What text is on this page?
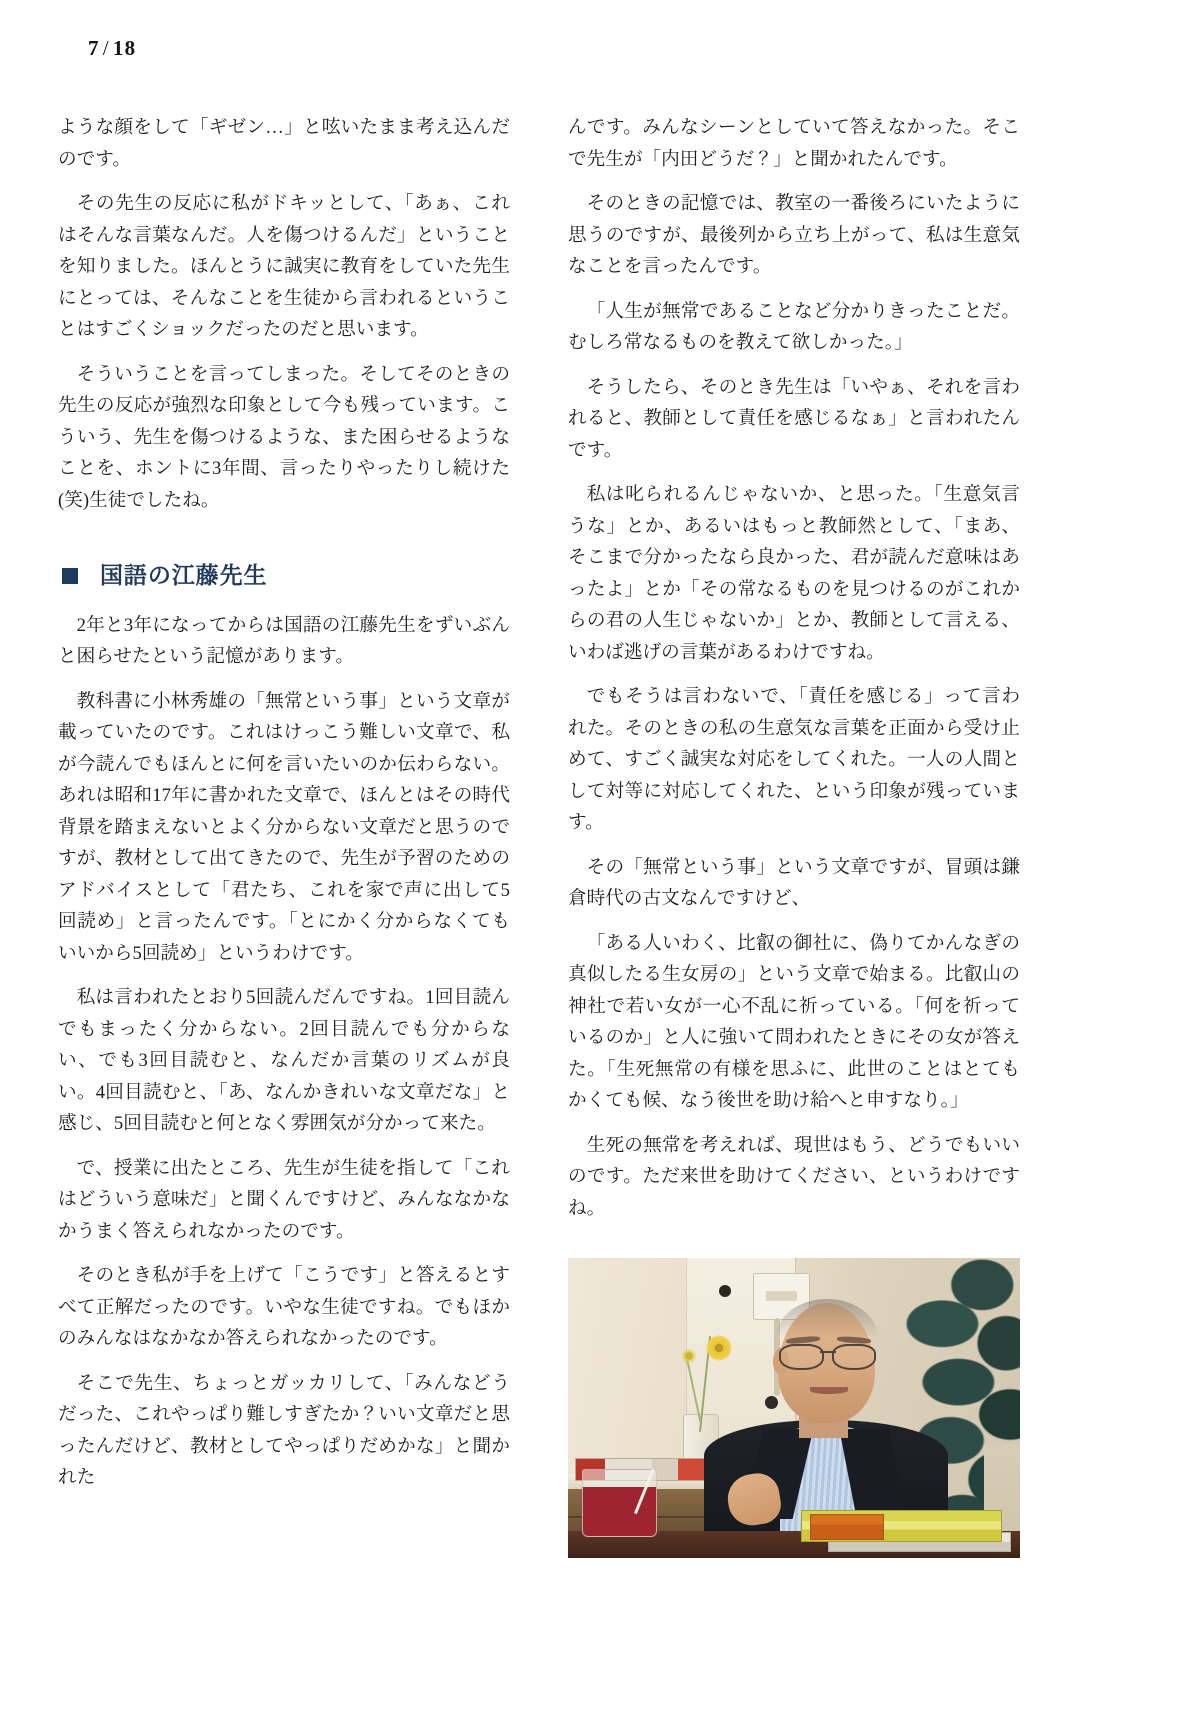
7 / 18

ような顔をして「ギゼン…」と呟いたまま考え込んだのです。

その先生の反応に私がドキッとして、「あぁ、これはそんな言葉なんだ。人を傷つけるんだ」ということを知りました。ほんとうに誠実に教育をしていた先生にとっては、そんなことを生徒から言われるということはすごくショックだったのだと思います。

そういうことを言ってしまった。そしてそのときの先生の反応が強烈な印象として今も残っています。こういう、先生を傷つけるような、また困らせるようなことを、ホントに3年間、言ったりやったりし続けた(笑)生徒でしたね。

国語の江藤先生

2年と3年になってからは国語の江藤先生をずいぶんと困らせたという記憶があります。

教科書に小林秀雄の「無常という事」という文章が載っていたのです。これはけっこう難しい文章で、私が今読んでもほんとに何を言いたいのか伝わらない。あれは昭和17年に書かれた文章で、ほんとはその時代背景を踏まえないとよく分からない文章だと思うのですが、教材として出てきたので、先生が予習のためのアドバイスとして「君たち、これを家で声に出して5回読め」と言ったんです。「とにかく分からなくてもいいから5回読め」というわけです。

私は言われたとおり5回読んだんですね。1回目読んでもまったく分からない。2回目読んでも分からない、でも3回目読むと、なんだか言葉のリズムが良い。4回目読むと、「あ、なんかきれいな文章だな」と感じ、5回目読むと何となく雰囲気が分かって来た。

で、授業に出たところ、先生が生徒を指して「これはどういう意味だ」と聞くんですけど、みんななかなかうまく答えられなかったのです。

そのとき私が手を上げて「こうです」と答えるとすべて正解だったのです。いやな生徒ですね。でもほかのみんなはなかなか答えられなかったのです。

そこで先生、ちょっとガッカリして、「みんなどうだった、これやっぱり難しすぎたか？いい文章だと思ったんだけど、教材としてやっぱりだめかな」と聞かれた

んです。みんなシーンとしていて答えなかった。そこで先生が「内田どうだ？」と聞かれたんです。

そのときの記憶では、教室の一番後ろにいたように思うのですが、最後列から立ち上がって、私は生意気なことを言ったんです。

「人生が無常であることなど分かりきったことだ。むしろ常なるものを教えて欲しかった。」

そうしたら、そのとき先生は「いやぁ、それを言われると、教師として責任を感じるなぁ」と言われたんです。

私は叱られるんじゃないか、と思った。「生意気言うな」とか、あるいはもっと教師然として、「まあ、そこまで分かったなら良かった、君が読んだ意味はあったよ」とか「その常なるものを見つけるのがこれからの君の人生じゃないか」とか、教師として言える、いわば逃げの言葉があるわけですね。

でもそうは言わないで、「責任を感じる」って言われた。そのときの私の生意気な言葉を正面から受け止めて、すごく誠実な対応をしてくれた。一人の人間として対等に対応してくれた、という印象が残っています。

その「無常という事」という文章ですが、冒頭は鎌倉時代の古文なんですけど、

「ある人いわく、比叡の御社に、偽りてかんなぎの真似したる生女房の」という文章で始まる。比叡山の神社で若い女が一心不乱に祈っている。「何を祈っているのか」と人に強いて問われたときにその女が答えた。「生死無常の有様を思ふに、此世のことはとてもかくても候、なう後世を助け給へと申すなり。」

生死の無常を考えれば、現世はもう、どうでもいいのです。ただ来世を助けてください、というわけですね。
